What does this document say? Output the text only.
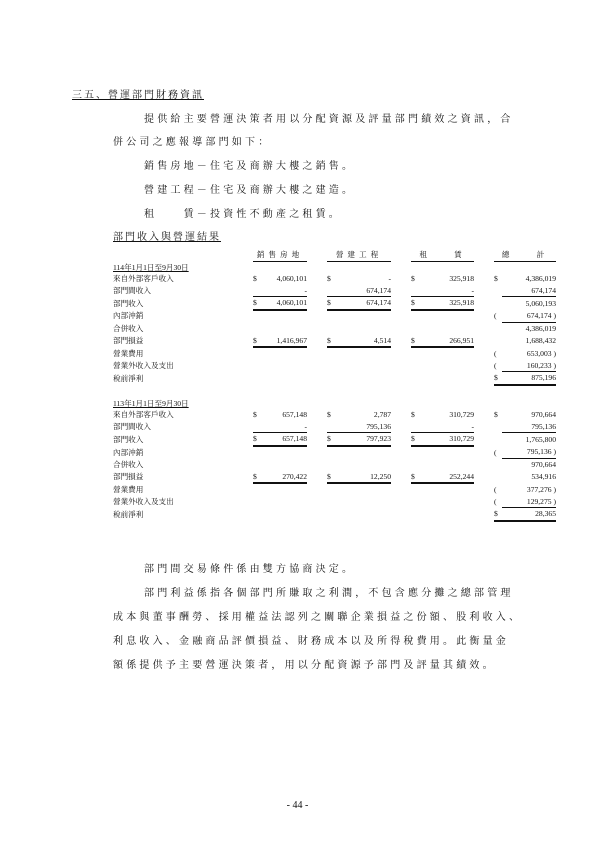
三五、營運部門財務資訊
提供給主要營運決策者用以分配資源及評量部門績效之資訊，合
併公司之應報導部門如下：
銷售房地－住宅及商辦大樓之銷售。
營建工程－住宅及商辦大樓之建造。
租　　賃－投資性不動產之租賃。
部門收入與營運結果
	銷售房地			營建工程			租　　賃			總　　計	
114年1月1日至9月30日											
來自外部客戶收入	$	4,060,101		$	-		$	325,918		$	4,386,019
部門間收入		-			674,174			-			674,174
部門收入	$	4,060,101		$	674,174		$	325,918			5,060,193
內部沖銷										(	674,174 )
合併收入											4,386,019
部門損益	$	1,416,967		$	4,514		$	266,951			1,688,432
營業費用										(	653,003 )
營業外收入及支出										(	160,233 )
稅前淨利										$	875,196

113年1月1日至9月30日											
來自外部客戶收入	$	657,148		$	2,787		$	310,729		$	970,664
部門間收入		-			795,136			-			795,136
部門收入	$	657,148		$	797,923		$	310,729			1,765,800
內部沖銷										(	795,136 )
合併收入											970,664
部門損益	$	270,422		$	12,250		$	252,244			534,916
營業費用										(	377,276 )
營業外收入及支出										(	129,275 )
稅前淨利										$	28,365
部門間交易條件係由雙方協商決定。
部門利益係指各個部門所賺取之利潤，不包含應分攤之總部管理
成本與董事酬勞、採用權益法認列之關聯企業損益之份額、股利收入、
利息收入、金融商品評價損益、財務成本以及所得稅費用。此衡量金
額係提供予主要營運決策者，用以分配資源予部門及評量其績效。
- 44 -
